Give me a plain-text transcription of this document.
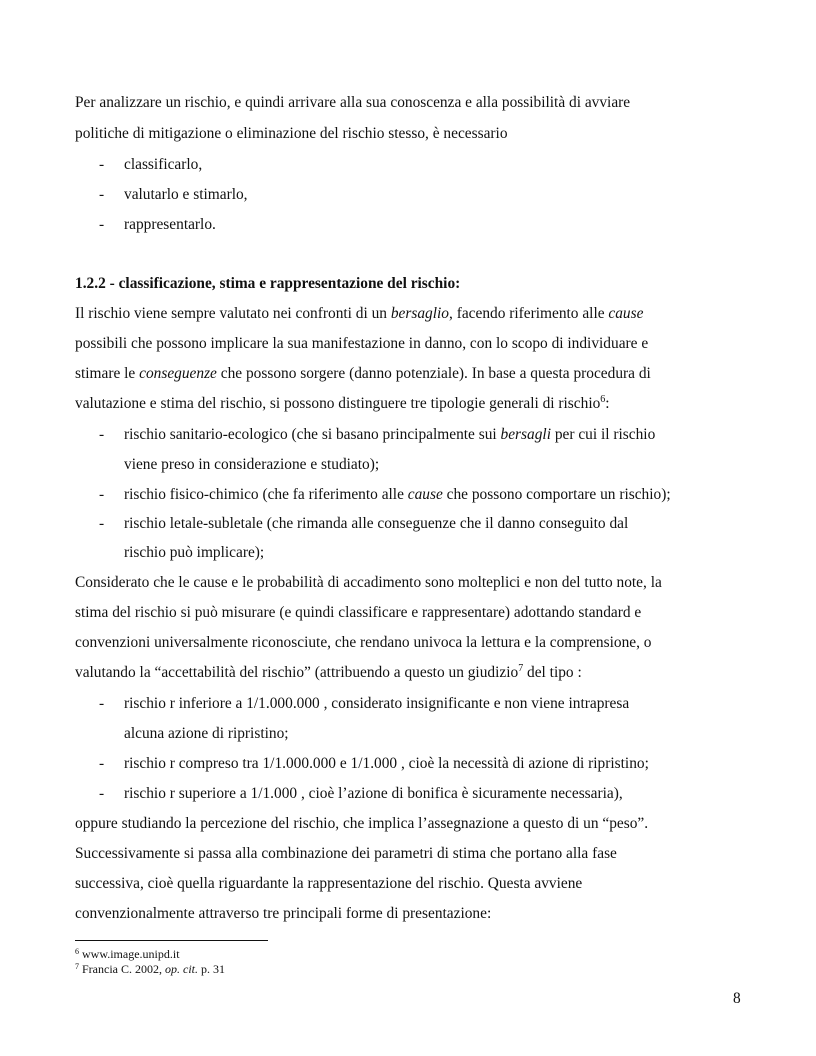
Per analizzare un rischio, e quindi arrivare alla sua conoscenza e alla possibilità di avviare
politiche di mitigazione o eliminazione del rischio stesso, è necessario
- classificarlo,
- valutarlo e stimarlo,
- rappresentarlo.
1.2.2 - classificazione, stima e rappresentazione del rischio:
Il rischio viene sempre valutato nei confronti di un bersaglio, facendo riferimento alle cause
possibili che possono implicare la sua manifestazione in danno, con lo scopo di individuare e
stimare le conseguenze che possono sorgere (danno potenziale). In base a questa procedura di
valutazione e stima del rischio, si possono distinguere tre tipologie generali di rischio$^6$:
- rischio sanitario-ecologico (che si basano principalmente sui bersagli per cui il rischio
viene preso in considerazione e studiato);
- rischio fisico-chimico (che fa riferimento alle cause che possono comportare un rischio);
- rischio letale-subletale (che rimanda alle conseguenze che il danno conseguito dal
rischio può implicare);
Considerato che le cause e le probabilità di accadimento sono molteplici e non del tutto note, la
stima del rischio si può misurare (e quindi classificare e rappresentare) adottando standard e
convenzioni universalmente riconosciute, che rendano univoca la lettura e la comprensione, o
valutando la “accettabilità del rischio” (attribuendo a questo un giudizio$^7$ del tipo :
- rischio r inferiore a 1/1.000.000 , considerato insignificante e non viene intrapresa
alcuna azione di ripristino;
- rischio r compreso tra 1/1.000.000 e 1/1.000 , cioè la necessità di azione di ripristino;
- rischio r superiore a 1/1.000 , cioè l’azione di bonifica è sicuramente necessaria),
oppure studiando la percezione del rischio, che implica l’assegnazione a questo di un “peso”.
Successivamente si passa alla combinazione dei parametri di stima che portano alla fase
successiva, cioè quella riguardante la rappresentazione del rischio. Questa avviene
convenzionalmente attraverso tre principali forme di presentazione:
$^6$ www.image.unipd.it
$^7$ Francia C. 2002, op. cit. p. 31
8
